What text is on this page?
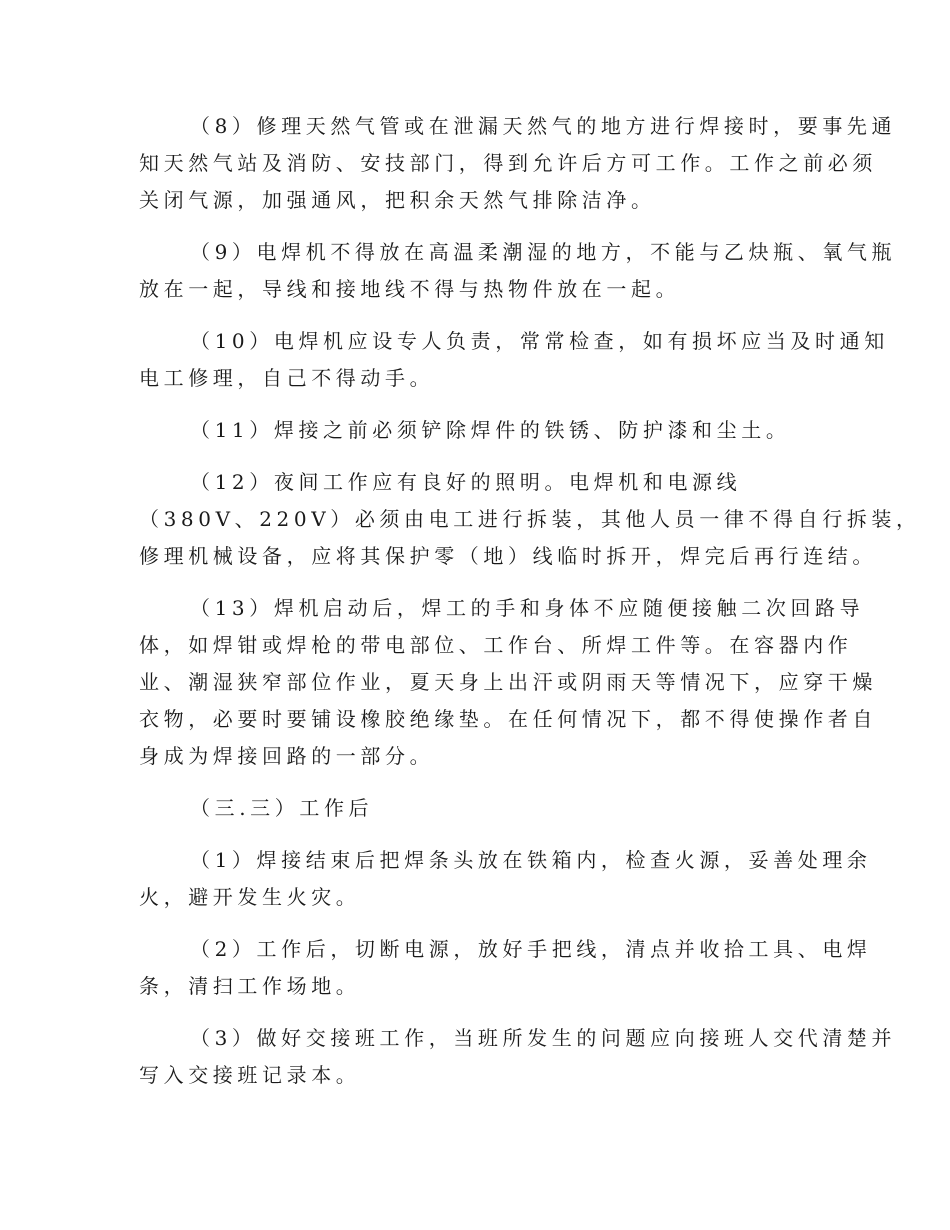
（8）修理天然气管或在泄漏天然气的地方进行焊接时，要事先通
知天然气站及消防、安技部门，得到允许后方可工作。工作之前必须
关闭气源，加强通风，把积余天然气排除洁净。
（9）电焊机不得放在高温柔潮湿的地方，不能与乙炔瓶、氧气瓶
放在一起，导线和接地线不得与热物件放在一起。
（10）电焊机应设专人负责，常常检查，如有损坏应当及时通知
电工修理，自己不得动手。
（11）焊接之前必须铲除焊件的铁锈、防护漆和尘土。
（12）夜间工作应有良好的照明。电焊机和电源线
（380V、220V）必须由电工进行拆装，其他人员一律不得自行拆装，
修理机械设备，应将其保护零（地）线临时拆开，焊完后再行连结。
（13）焊机启动后，焊工的手和身体不应随便接触二次回路导
体，如焊钳或焊枪的带电部位、工作台、所焊工件等。在容器内作
业、潮湿狭窄部位作业，夏天身上出汗或阴雨天等情况下，应穿干燥
衣物，必要时要铺设橡胶绝缘垫。在任何情况下，都不得使操作者自
身成为焊接回路的一部分。
（三.三）工作后
（1）焊接结束后把焊条头放在铁箱内，检查火源，妥善处理余
火，避开发生火灾。
（2）工作后，切断电源，放好手把线，清点并收拾工具、电焊
条，清扫工作场地。
（3）做好交接班工作，当班所发生的问题应向接班人交代清楚并
写入交接班记录本。
